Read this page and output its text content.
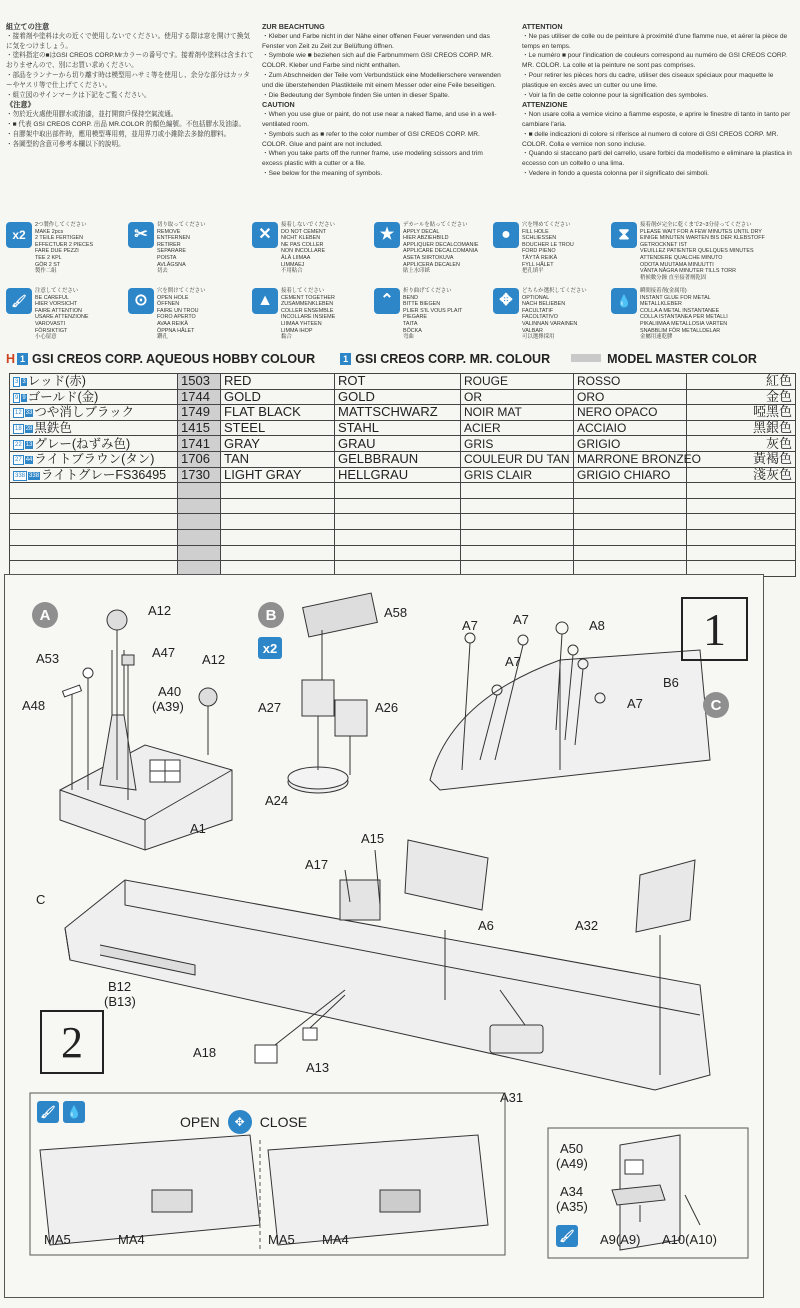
組立ての注意
・ 接着剤や塗料は火の近くで使用しないでください。使用する際は窓を開けて換気に気をつけましょう。
・ 塗料指定の■はGSI CREOS CORP.Mrカラーの番号です。接着剤や塗料は含まれておりませんので、別にお買い求めください。
・ 部品をランナーから切り離す時は模型用ハサミ等を使用し、余分な部分はカッターやヤスリ等で仕上げてください。
・ 組立図のサインマークは下記をご覧ください。
《注意》
・ 勿於近火處使用膠水或油漆，並打開窗戶保持空氣流通。
・ ■ 代表 GSI CREOS CORP. 出品 MR.COLOR 的顏色編號。不包括膠水及油漆。
・ 自膠架中取出部件時，應用模型專用剪，並用界刀或小錐除去多餘的膠料。
・ 各圖型的含意可參考本欄以下的說明。
ZUR BEACHTUNG
・ Kleber und Farbe nicht in der Nähe einer offenen Feuer verwenden und das Fenster von Zeit zu Zeit zur Belüftung öffnen.
・ Symbole wie ■ beziehen sich auf die Farbnummern GSI CREOS CORP. MR. COLOR. Kleber und Farbe sind nicht enthalten.
・ Zum Abschneiden der Teile vom Verbundstück eine Modellierschere verwenden und die überstehenden Plastikteile mit einem Messer oder eine Feile beseitigen.
・ Die Bedeutung der Symbole finden Sie unten in dieser Spalte.
CAUTION
・ When you use glue or paint, do not use near a naked flame, and use in a well-ventilated room.
・ Symbols such as ■ refer to the color number of GSI CREOS CORP. MR. COLOR. Glue and paint are not included.
・ When you take parts off the runner frame, use modeling scissors and trim excess plastic with a cutter or a file.
・ See below for the meaning of symbols.
ATTENTION
・ Ne pas utiliser de colle ou de peinture à proximité d'une flamme nue, et aérer la pièce de temps en temps.
・ Le numéro ■ pour l'indication de couleurs correspond au numéro de GSI CREOS CORP. MR. COLOR. La colle et la peinture ne sont pas comprises.
・ Pour retirer les pièces hors du cadre, utiliser des ciseaux spéciaux pour maquette le plastique en excès avec un cutter ou une lime.
・ Voir la fin de cette colonne pour la signification des symboles.
ATTENZIONE
・ Non usare colla a vernice vicino a fiamme esposte, e aprire le finestre di tanto in tanto per cambiare l'aria.
・ ■ delle indicazioni di colore si riferisce al numero di colore di GSI CREOS CORP. MR. COLOR. Colla e vernice non sono incluse.
・ Quando si staccano parti del carrello, usare forbici da modellismo e eliminare la plastica in eccesso con un coltello o una lima.
・ Vedere in fondo a questa colonna per il significato dei simboli.
x2
2つ製作してください
MAKE 2pcs
2 TEILE FERTIGEN
EFFECTUER 2 PIECES
FARE DUE PEZZI
TEE 2 KPL
GÖR 2 ST
製作二組
✂
切り取ってください
REMOVE
ENTFERNEN
RETIRER
SEPARARE
POISTA
AVLÄGSNA
切去
✕
接着しないでください
DO NOT CEMENT
NICHT KLEBEN
NE PAS COLLER
NON INCOLLARE
ÄLÄ LIIMAA
LIMMAEJ
不用粘合
★
デカールを貼ってください
APPLY DECAL
HIER ABZIEHBILD
APPLIQUER DECALCOMANIE
APPLICARE DECALCOMANIA
ASETA SIIRTOKUVA
APPLICERA DECALEN
貼上水印紙
●
穴を埋めてください
FILL HOLE
SCHLIESSEN
BOUCHER LE TROU
FORD PIENO
TÄYTÄ REIKÄ
FYLL HÅLET
把孔填平
⧗
接着剤が完全に乾くまで2~3分待ってください
PLEASE WAIT FOR A FEW MINUTES UNTIL DRY
EINIGE MINUTEN WARTEN BIS DER KLEBSTOFF GETROCKNET IST
VEUILLEZ PATIENTER QUELQUES MINUTES
ATTENDERE QUALCHE MINUTO
ODOTA MUUTAMA MINUUTTI
VÄNTA NÅGRA MINUTER TILLS TORR
稍候數分鐘 直至接著劑乾固
🖌
注意してください
BE CAREFUL
HIER VORSICHT
FAIRE ATTENTION
USARE ATTENZIONE
VAROVASTI
FÖRSIKTIGT
小心留意
⊙
穴を開けてください
OPEN HOLE
ÖFFNEN
FAIRE UN TROU
FORO APERTO
AVAA REIKÄ
ÖPPNA HÅLET
鑽孔
▲
接着してください
CEMENT TOGETHER
ZUSAMMENKLEBEN
COLLER ENSEMBLE
INCOLLARE INSIEME
LIIMAA YHTEEN
LIMMA IHOP
黏合
⌃
折り曲げてください
BEND
BITTE BIEGEN
PLIER S'IL VOUS PLAIT
PIEGARE
TAITA
BÖCKA
弯曲
✥
どちらか選択してください
OPTIONAL
NACH BELIEBEN
FACULTATIF
FACOLTATIVO
VALINNAN VARAINEN
VALBAR
可以選擇採用
💧
瞬間接着剤(金属用)
INSTANT GLUE FOR METAL
METALLKLEBER
COLLA A METAL INSTANTANEE
COLLA ISTANTANEA PER METALLI
PIKALIIMAA METALLOSIA VARTEN
SNABBLIM FÖR METALLDELAR
金屬用速乾膠
H 1 GSI CREOS CORP. AQUEOUS HOBBY COLOUR	1 GSI CREOS CORP. MR. COLOUR	MODEL MASTER COLOR
3 3 レッド(赤)	1503	RED	ROT	ROUGE	ROSSO	紅色
9 9 ゴールド(金)	1744	GOLD	GOLD	OR	ORO	金色
12 33 つや消しブラック	1749	FLAT BLACK	MATTSCHWARZ	NOIR MAT	NERO OPACO	啞黑色
18 28 黒鉄色	1415	STEEL	STAHL	ACIER	ACCIAIO	黑銀色
22 13 グレー(ねずみ色)	1741	GRAY	GRAU	GRIS	GRIGIO	灰色
27 44 ライトブラウン(タン)	1706	TAN	GELBBRAUN	COULEUR DU TAN	MARRONE BRONZEO	黃褐色
338 338 ライトグレーFS36495	1730	LIGHT GRAY	HELLGRAU	GRIS CLAIR	GRIGIO CHIARO	淺灰色

A	B
x2
C
1
2
A12
A53	A47 A12
A40
(A39)
A48
A1
A58
A27	A26
A24
A7	A7	A8
A7
A7
B6
A15
A17
C
A6	A32
B12
(B13)
A18
A13
A31
🖌 💧
OPEN	✥	CLOSE
MA5	MA4	MA5 MA4
A50
(A49)
A34
(A35)
A9(A9) A10(A10)
🖌
